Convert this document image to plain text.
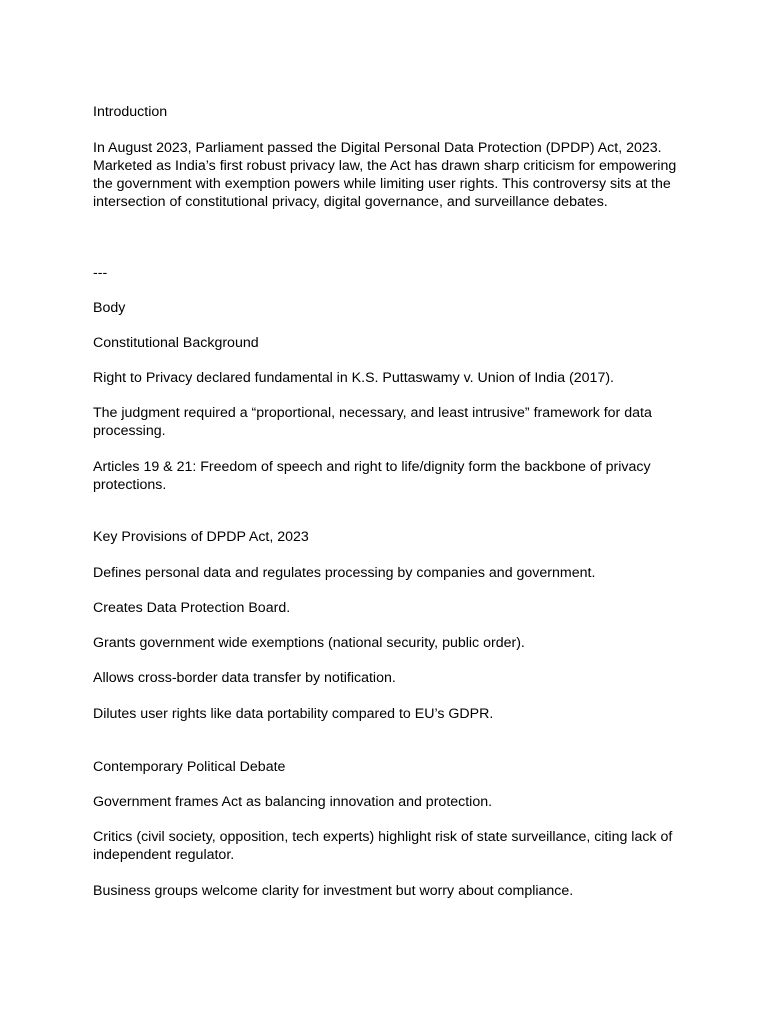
Introduction

In August 2023, Parliament passed the Digital Personal Data Protection (DPDP) Act, 2023. Marketed as India’s first robust privacy law, the Act has drawn sharp criticism for empowering the government with exemption powers while limiting user rights. This controversy sits at the intersection of constitutional privacy, digital governance, and surveillance debates.

---

Body

Constitutional Background

Right to Privacy declared fundamental in K.S. Puttaswamy v. Union of India (2017).

The judgment required a “proportional, necessary, and least intrusive” framework for data processing.

Articles 19 & 21: Freedom of speech and right to life/dignity form the backbone of privacy protections.

Key Provisions of DPDP Act, 2023

Defines personal data and regulates processing by companies and government.

Creates Data Protection Board.

Grants government wide exemptions (national security, public order).

Allows cross-border data transfer by notification.

Dilutes user rights like data portability compared to EU’s GDPR.

Contemporary Political Debate

Government frames Act as balancing innovation and protection.

Critics (civil society, opposition, tech experts) highlight risk of state surveillance, citing lack of independent regulator.

Business groups welcome clarity for investment but worry about compliance.
